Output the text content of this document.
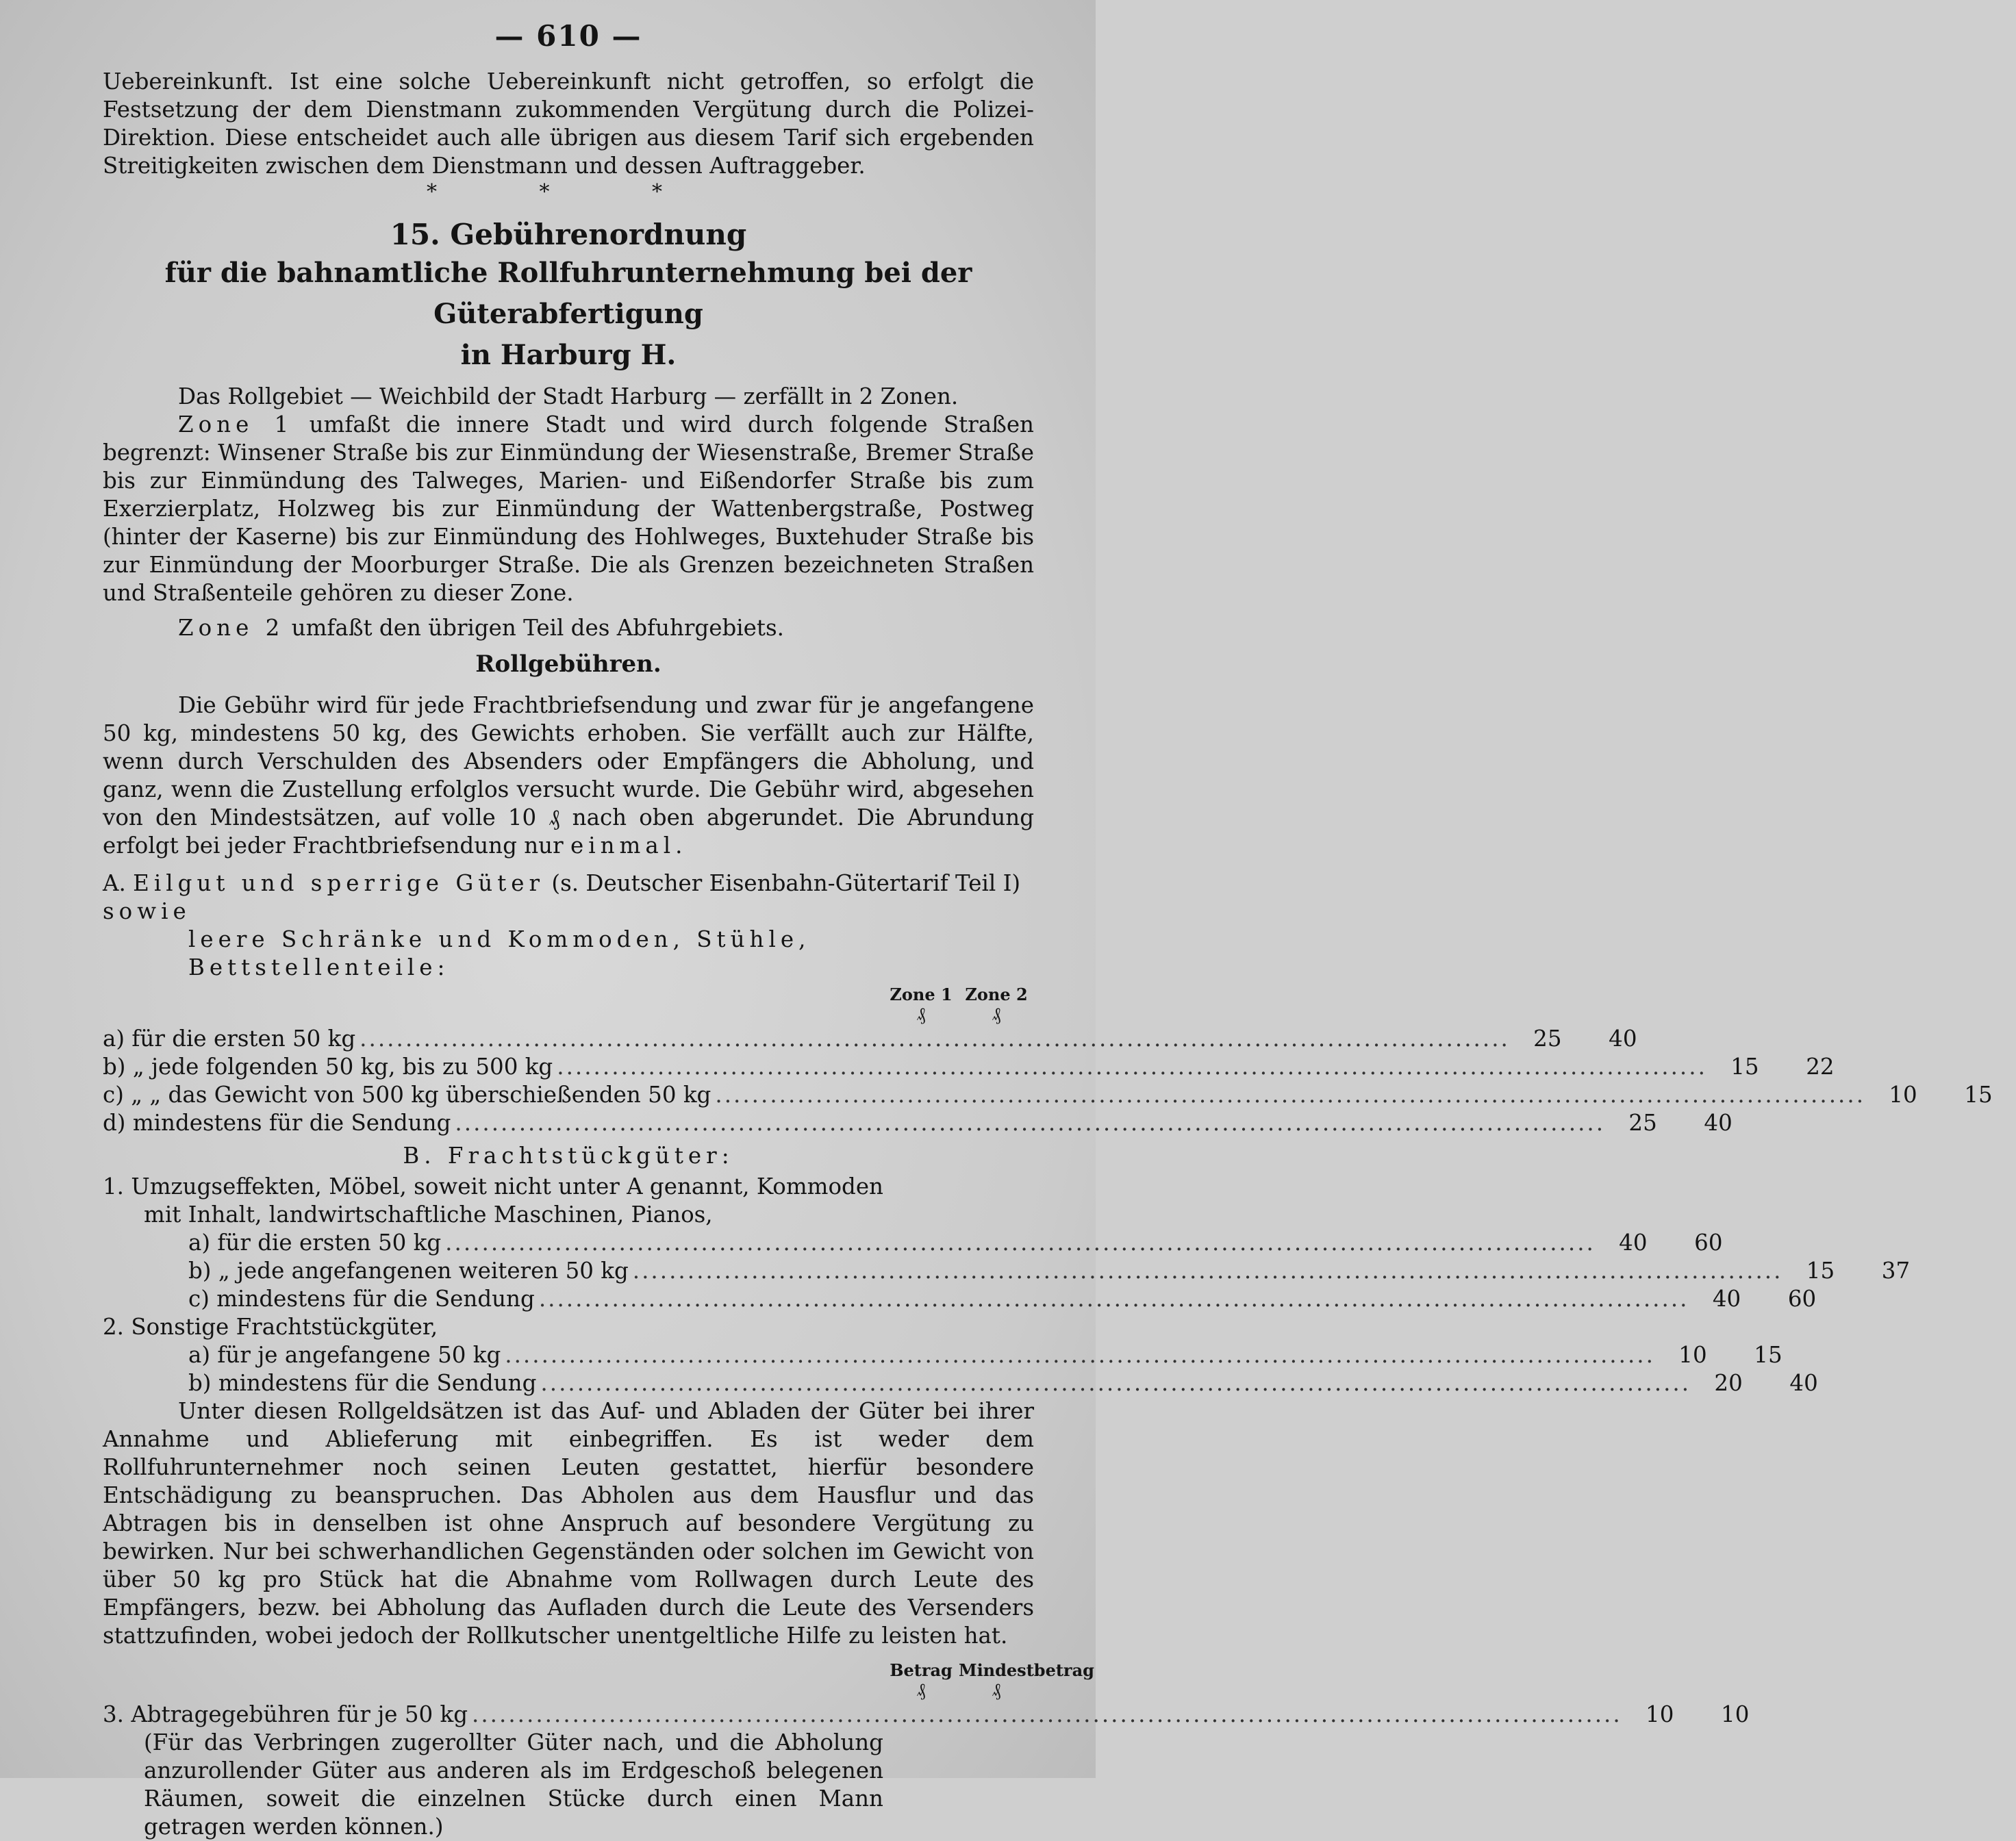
— 610 —

Uebereinkunft. Ist eine solche Uebereinkunft nicht getroffen, so erfolgt die Festsetzung der dem Dienstmann zukommenden Vergütung durch die Polizei-Direktion. Diese entscheidet auch alle übrigen aus diesem Tarif sich ergebenden Streitigkeiten zwischen dem Dienstmann und dessen Auftraggeber.

* * *
15. Gebührenordnung
für die bahnamtliche Rollfuhrunternehmung bei der Güterabfertigung
in Harburg H.

Das Rollgebiet — Weichbild der Stadt Harburg — zerfällt in 2 Zonen.

Zone 1 umfaßt die innere Stadt und wird durch folgende Straßen begrenzt: Winsener Straße bis zur Einmündung der Wiesenstraße, Bremer Straße bis zur Einmündung des Talweges, Marien- und Eißendorfer Straße bis zum Exerzierplatz, Holzweg bis zur Einmündung der Wattenbergstraße, Postweg (hinter der Kaserne) bis zur Einmündung des Hohlweges, Buxtehuder Straße bis zur Einmündung der Moorburger Straße. Die als Grenzen bezeichneten Straßen und Straßenteile gehören zu dieser Zone.

Zone 2 umfaßt den übrigen Teil des Abfuhrgebiets.

Rollgebühren.

Die Gebühr wird für jede Frachtbriefsendung und zwar für je angefangene 50 kg, mindestens 50 kg, des Gewichts erhoben. Sie verfällt auch zur Hälfte, wenn durch Verschulden des Absenders oder Empfängers die Abholung, und ganz, wenn die Zustellung erfolglos versucht wurde. Die Gebühr wird, abgesehen von den Mindestsätzen, auf volle 10 ₰ nach oben abgerundet. Die Abrundung erfolgt bei jeder Frachtbriefsendung nur einmal.

A. Eilgut und sperrige Güter (s. Deutscher Eisenbahn-Gütertarif Teil I) sowie
leere Schränke und Kommoden, Stühle, Bettstellenteile:
Zone 1 Zone 2
₰	₰
a) für die ersten 50 kg ..............................................................................................................................	25	40
b) „ jede folgenden 50 kg, bis zu 500 kg ..............................................................................................................................	15	22
c) „ „ das Gewicht von 500 kg überschießenden 50 kg ..............................................................................................................................	10	15
d) mindestens für die Sendung ..............................................................................................................................	25	40
B. Frachtstückgüter:
1. Umzugseffekten, Möbel, soweit nicht unter A genannt, Kommoden
mit Inhalt, landwirtschaftliche Maschinen, Pianos,
a) für die ersten 50 kg ..............................................................................................................................	40	60
b) „ jede angefangenen weiteren 50 kg ..............................................................................................................................	15	37
c) mindestens für die Sendung ..............................................................................................................................	40	60
2. Sonstige Frachtstückgüter,
a) für je angefangene 50 kg ..............................................................................................................................	10	15
b) mindestens für die Sendung ..............................................................................................................................	20	40

Unter diesen Rollgeldsätzen ist das Auf- und Abladen der Güter bei ihrer Annahme und Ablieferung mit einbegriffen. Es ist weder dem Rollfuhrunternehmer noch seinen Leuten gestattet, hierfür besondere Entschädigung zu beanspruchen. Das Abholen aus dem Hausflur und das Abtragen bis in denselben ist ohne Anspruch auf besondere Vergütung zu bewirken. Nur bei schwerhandlichen Gegenständen oder solchen im Gewicht von über 50 kg pro Stück hat die Abnahme vom Rollwagen durch Leute des Empfängers, bezw. bei Abholung das Aufladen durch die Leute des Versenders stattzufinden, wobei jedoch der Rollkutscher unentgeltliche Hilfe zu leisten hat.

Betrag Mindestbetrag
₰	₰
3. Abtragegebühren für je 50 kg ..............................................................................................................................	10	10

(Für das Verbringen zugerollter Güter nach, und die Abholung anzurollender Güter aus anderen als im Erdgeschoß belegenen Räumen, soweit die einzelnen Stücke durch einen Mann getragen werden können.)
